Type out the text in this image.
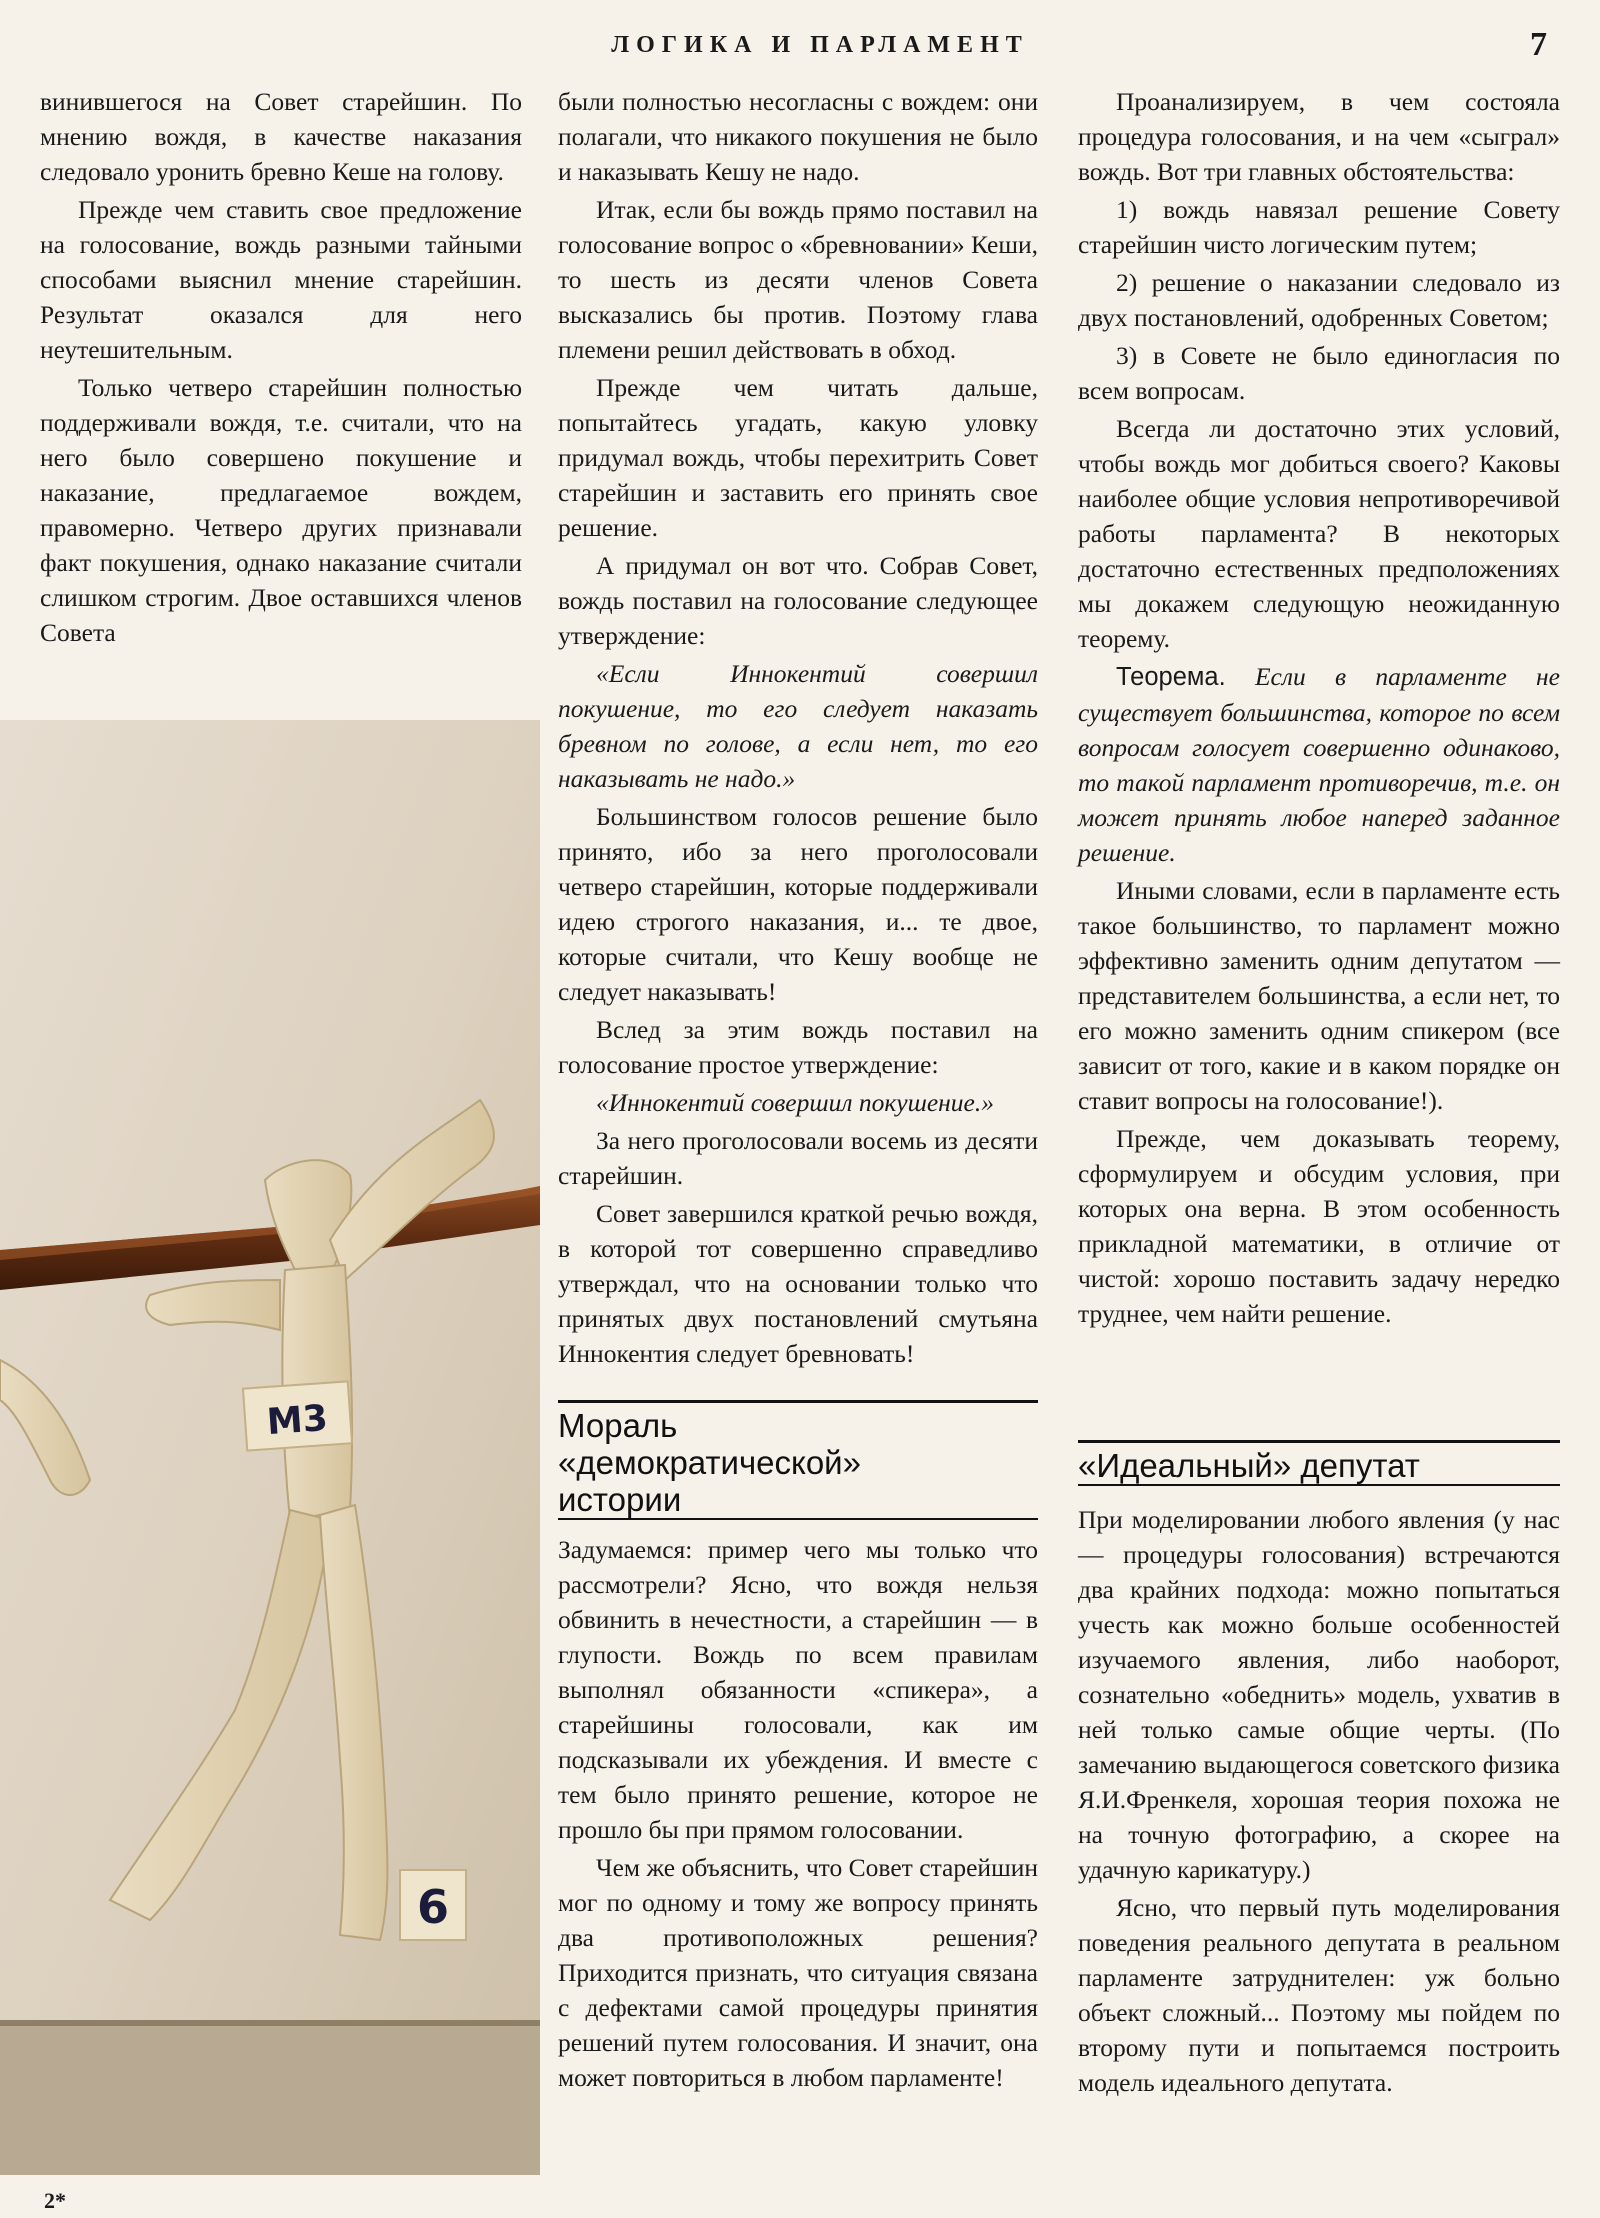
ЛОГИКА И ПАРЛАМЕНТ	7

винившегося на Совет старейшин. По мнению вождя, в качестве наказания следовало уронить бревно Кеше на голову.

Прежде чем ставить свое предложение на голосование, вождь разными тайными способами выяснил мнение старейшин. Результат оказался для него неутешительным.

Только четверо старейшин полностью поддерживали вождя, т.е. считали, что на него было совершено покушение и наказание, предлагаемое вождем, правомерно. Четверо других признавали факт покушения, однако наказание считали слишком строгим. Двое оставшихся членов Совета

М3
6

были полностью несогласны с вождем: они полагали, что никакого покушения не было и наказывать Кешу не надо.

Итак, если бы вождь прямо поставил на голосование вопрос о «бревновании» Кеши, то шесть из десяти членов Совета высказались бы против. Поэтому глава племени решил действовать в обход.

Прежде чем читать дальше, попытайтесь угадать, какую уловку придумал вождь, чтобы перехитрить Совет старейшин и заставить его принять свое решение.

А придумал он вот что. Собрав Совет, вождь поставил на голосование следующее утверждение:

«Если Иннокентий совершил покушение, то его следует наказать бревном по голове, а если нет, то его наказывать не надо.»

Большинством голосов решение было принято, ибо за него проголосовали четверо старейшин, которые поддерживали идею строгого наказания, и... те двое, которые считали, что Кешу вообще не следует наказывать!

Вслед за этим вождь поставил на голосование простое утверждение:

«Иннокентий совершил покушение.»

За него проголосовали восемь из десяти старейшин.

Совет завершился краткой речью вождя, в которой тот совершенно справедливо утверждал, что на основании только что принятых двух постановлений смутьяна Иннокентия следует бревновать!

Мораль
«демократической»
истории

Задумаемся: пример чего мы только что рассмотрели? Ясно, что вождя нельзя обвинить в нечестности, а старейшин — в глупости. Вождь по всем правилам выполнял обязанности «спикера», а старейшины голосовали, как им подсказывали их убеждения. И вместе с тем было принято решение, которое не прошло бы при прямом голосовании.

Чем же объяснить, что Совет старейшин мог по одному и тому же вопросу принять два противоположных решения? Приходится признать, что ситуация связана с дефектами самой процедуры принятия решений путем голосования. И значит, она может повториться в любом парламенте!

Проанализируем, в чем состояла процедура голосования, и на чем «сыграл» вождь. Вот три главных обстоятельства:

1) вождь навязал решение Совету старейшин чисто логическим путем;

2) решение о наказании следовало из двух постановлений, одобренных Советом;

3) в Совете не было единогласия по всем вопросам.

Всегда ли достаточно этих условий, чтобы вождь мог добиться своего? Каковы наиболее общие условия непротиворечивой работы парламента? В некоторых достаточно естественных предположениях мы докажем следующую неожиданную теорему.

Теорема. Если в парламенте не существует большинства, которое по всем вопросам голосует совершенно одинаково, то такой парламент противоречив, т.е. он может принять любое наперед заданное решение.

Иными словами, если в парламенте есть такое большинство, то парламент можно эффективно заменить одним депутатом — представителем большинства, а если нет, то его можно заменить одним спикером (все зависит от того, какие и в каком порядке он ставит вопросы на голосование!).

Прежде, чем доказывать теорему, сформулируем и обсудим условия, при которых она верна. В этом особенность прикладной математики, в отличие от чистой: хорошо поставить задачу нередко труднее, чем найти решение.

«Идеальный» депутат

При моделировании любого явления (у нас — процедуры голосования) встречаются два крайних подхода: можно попытаться учесть как можно больше особенностей изучаемого явления, либо наоборот, сознательно «обеднить» модель, ухватив в ней только самые общие черты. (По замечанию выдающегося советского физика Я.И.Френкеля, хорошая теория похожа не на точную фотографию, а скорее на удачную карикатуру.)

Ясно, что первый путь моделирования поведения реального депутата в реальном парламенте затруднителен: уж больно объект сложный... Поэтому мы пойдем по второму пути и попытаемся построить модель идеального депутата.

2*
